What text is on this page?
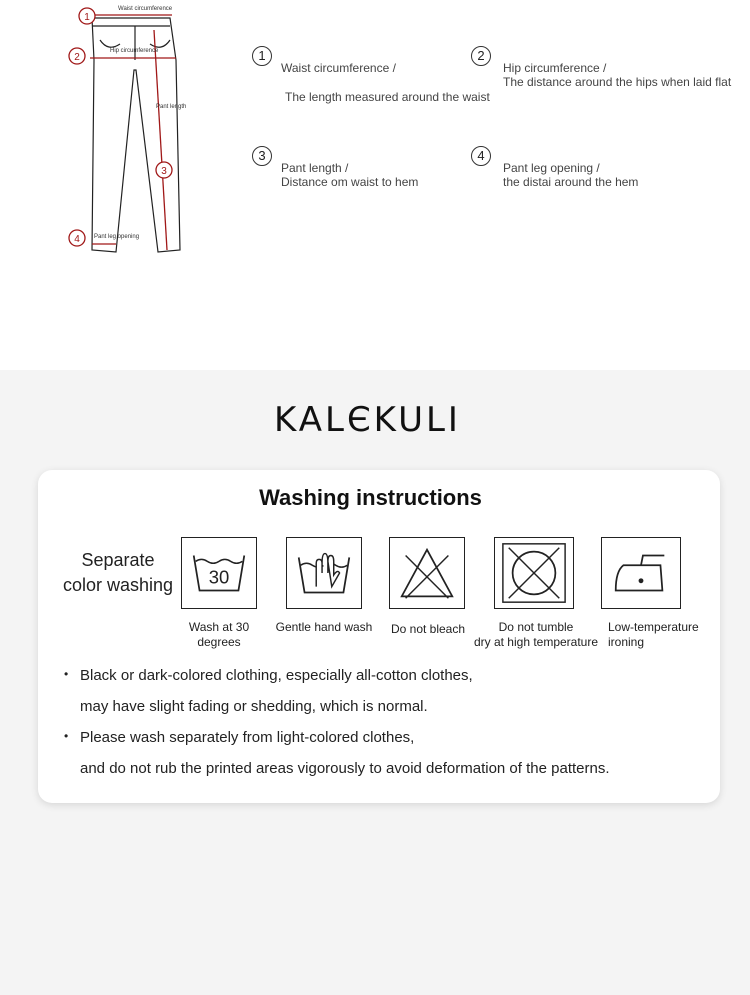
Waist circumference
Hip circumference
Pant length
Pant leg opening
1
2
3
4
1
Waist circumference /
The length measured around the waist
2
Hip circumference /
The distance around the hips when laid flat
3
Pant length /
Distance om waist to hem
4
Pant leg opening /
the distai around the hem
KALЄKULI
Washing instructions
Separate
color washing	30
Wash at 30
degrees
Gentle hand wash	Do not bleach	Do not tumble
dry at high temperature
Low-temperature
ironing
• Black or dark-colored clothing, especially all-cotton clothes,
may have slight fading or shedding, which is normal.
• Please wash separately from light-colored clothes,
and do not rub the printed areas vigorously to avoid deformation of the patterns.
